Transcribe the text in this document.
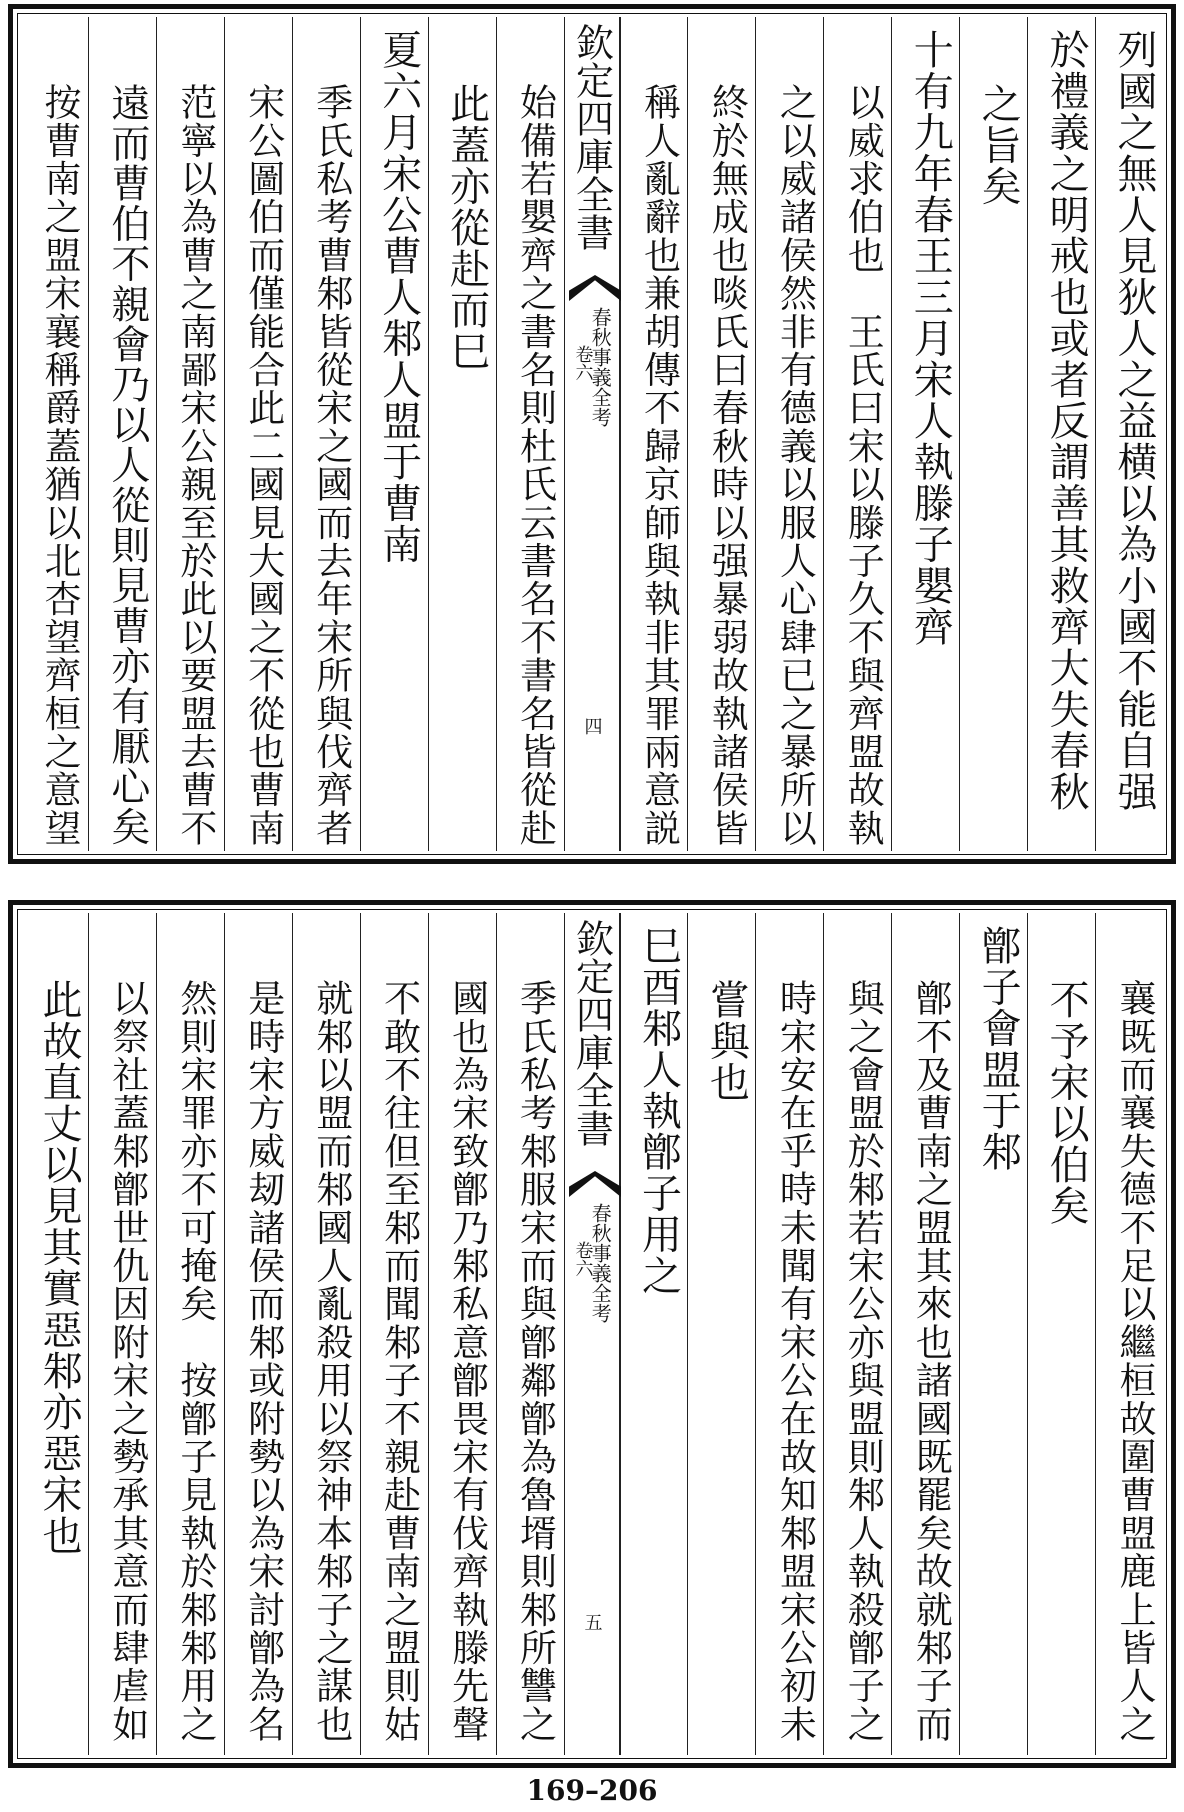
列國之無人見狄人之益横以為小國不能自强
於禮義之明戒也或者反謂善其救齊大失春秋
之旨矣
十有九年春王三月宋人執滕子嬰齊
以威求伯也　王氏曰宋以滕子久不與齊盟故執
之以威諸侯然非有德義以服人心肆已之暴所以
終於無成也啖氏曰春秋時以强暴弱故執諸侯皆
稱人亂辭也兼胡傳不歸京師與執非其罪兩意説
欽定四庫全書
春秋事義全考
卷六
四
始備若嬰齊之書名則杜氏云書名不書名皆從赴
此蓋亦從赴而巳
夏六月宋公曹人邾人盟于曹南
季氏私考曹邾皆從宋之國而去年宋所與伐齊者
宋公圖伯而僅能合此二國見大國之不從也曹南
范寧以為曹之南鄙宋公親至於此以要盟去曹不
遠而曹伯不親會乃以人從則見曹亦有厭心矣
按曹南之盟宋襄稱爵蓋猶以北杏望齊桓之意望
襄既而襄失德不足以繼桓故圍曹盟鹿上皆人之
不予宋以伯矣
鄫子會盟于邾
鄫不及曹南之盟其來也諸國既罷矣故就邾子而
與之會盟於邾若宋公亦與盟則邾人執殺鄫子之
時宋安在乎時未聞有宋公在故知邾盟宋公初未
嘗與也
巳酉邾人執鄫子用之
欽定四庫全書
春秋事義全考
卷六
五
季氏私考邾服宋而與鄫鄰鄫為魯壻則邾所讐之
國也為宋致鄫乃邾私意鄫畏宋有伐齊執滕先聲
不敢不往但至邾而聞邾子不親赴曹南之盟則姑
就邾以盟而邾國人亂殺用以祭神本邾子之謀也
是時宋方威刼諸侯而邾或附勢以為宋討鄫為名
然則宋罪亦不可掩矣　按鄫子見執於邾邾用之
以祭社蓋邾鄫世仇因附宋之勢承其意而肆虐如
此故直丈以見其實惡邾亦惡宋也
169–206
